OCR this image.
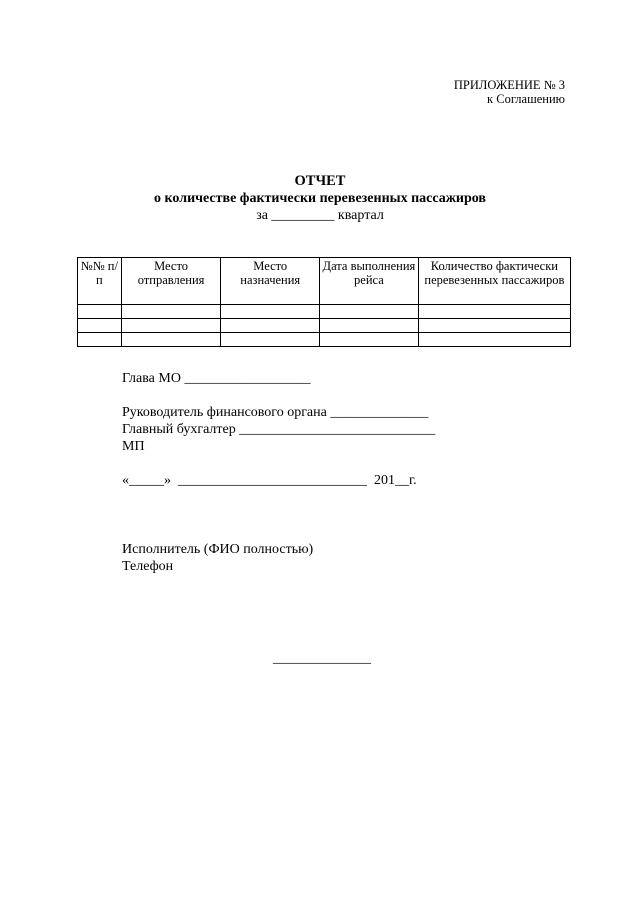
ПРИЛОЖЕНИЕ № 3
к Соглашению
ОТЧЕТ
о количестве фактически перевезенных пассажиров
за _________ квартал
№№ п/п	Место отправления	Место назначения	Дата выполнения рейса	Количество фактически перевезенных пассажиров

Глава МО __________________
Руководитель финансового органа ______________
Главный бухгалтер ____________________________
МП
«_____»  ___________________________  201__г.
Исполнитель (ФИО полностью)
Телефон
______________
